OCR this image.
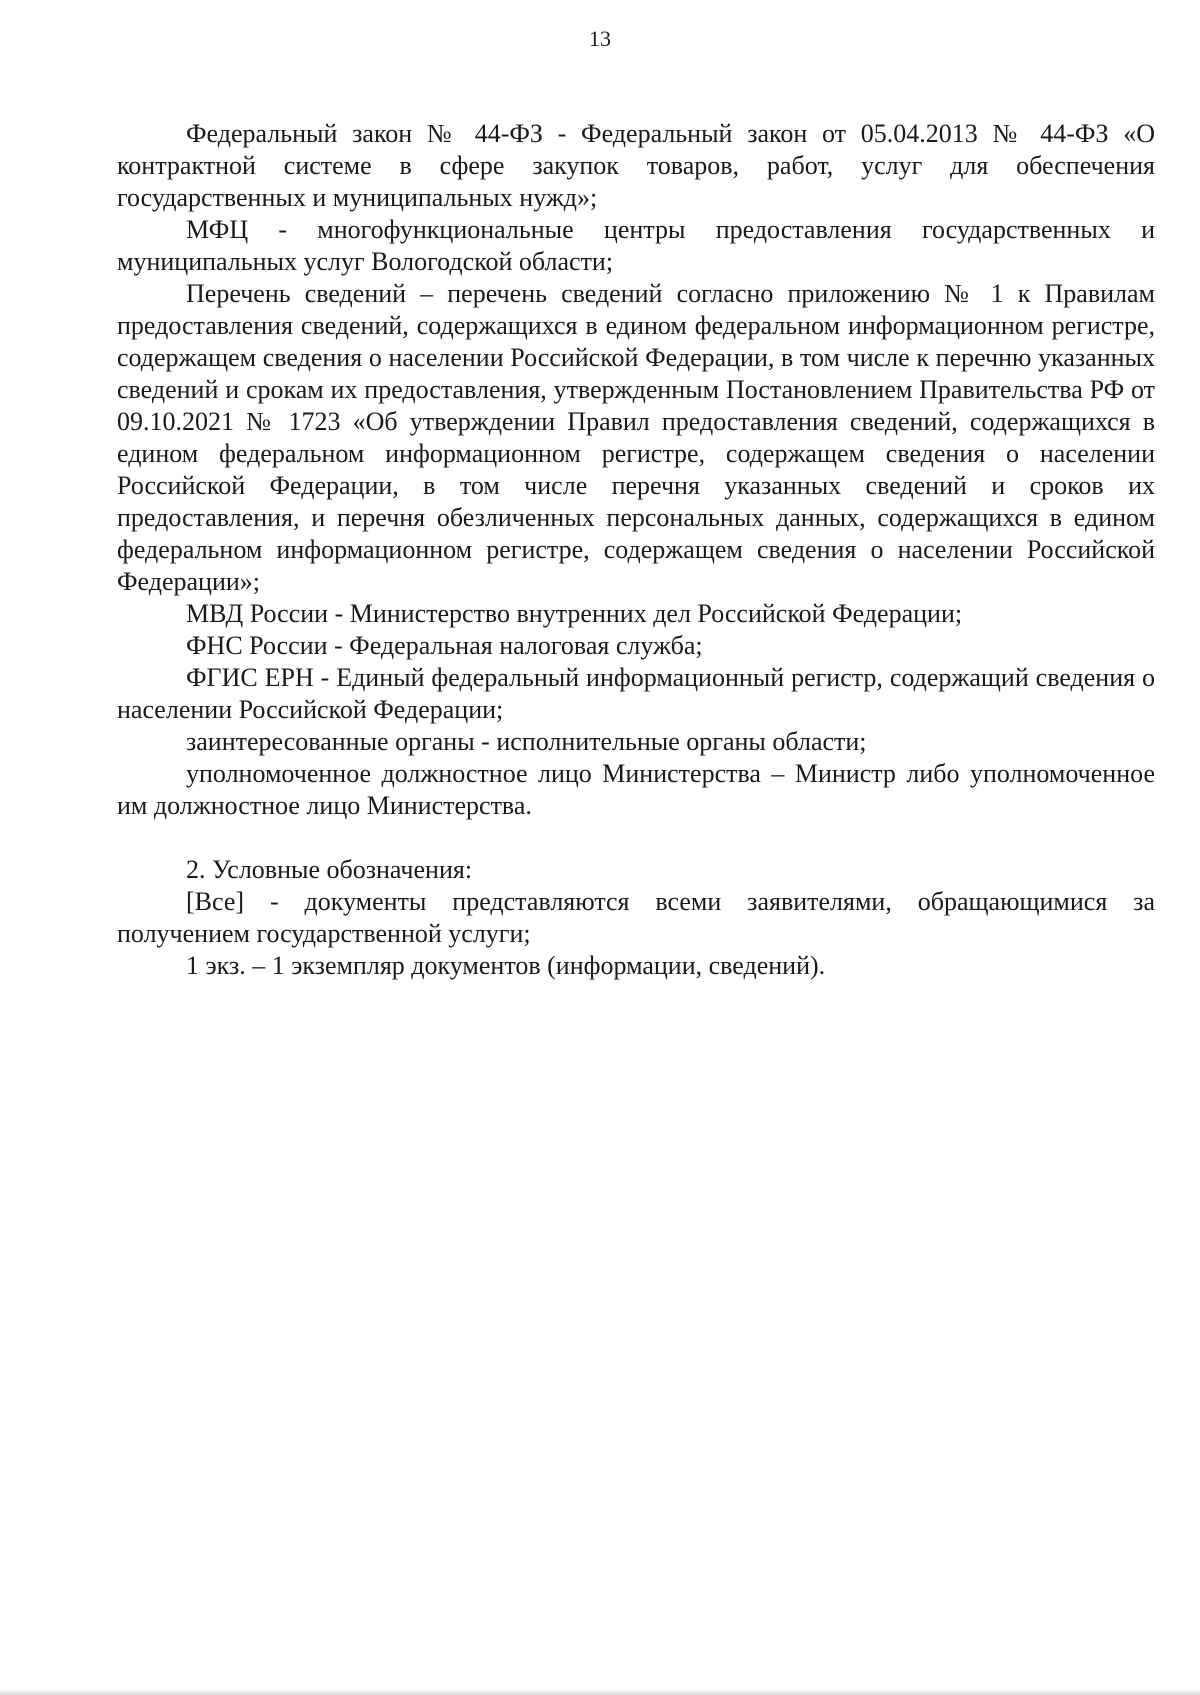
13

Федеральный закон № 44-ФЗ - Федеральный закон от 05.04.2013 № 44-ФЗ «О контрактной системе в сфере закупок товаров, работ, услуг для обеспечения государственных и муниципальных нужд»;

МФЦ - многофункциональные центры предоставления государственных и муниципальных услуг Вологодской области;

Перечень сведений – перечень сведений согласно приложению № 1 к Правилам предоставления сведений, содержащихся в едином федеральном информационном регистре, содержащем сведения о населении Российской Федерации, в том числе к перечню указанных сведений и срокам их предоставления, утвержденным Постановлением Правительства РФ от 09.10.2021 № 1723 «Об утверждении Правил предоставления сведений, содержащихся в едином федеральном информационном регистре, содержащем сведения о населении Российской Федерации, в том числе перечня указанных сведений и сроков их предоставления, и перечня обезличенных персональных данных, содержащихся в едином федеральном информационном регистре, содержащем сведения о населении Российской Федерации»;

МВД России - Министерство внутренних дел Российской Федерации;

ФНС России - Федеральная налоговая служба;

ФГИС ЕРН - Единый федеральный информационный регистр, содержащий сведения о населении Российской Федерации;

заинтересованные органы - исполнительные органы области;

уполномоченное должностное лицо Министерства – Министр либо уполномоченное им должностное лицо Министерства.

2. Условные обозначения:

[Все] - документы представляются всеми заявителями, обращающимися за получением государственной услуги;

1 экз. – 1 экземпляр документов (информации, сведений).
